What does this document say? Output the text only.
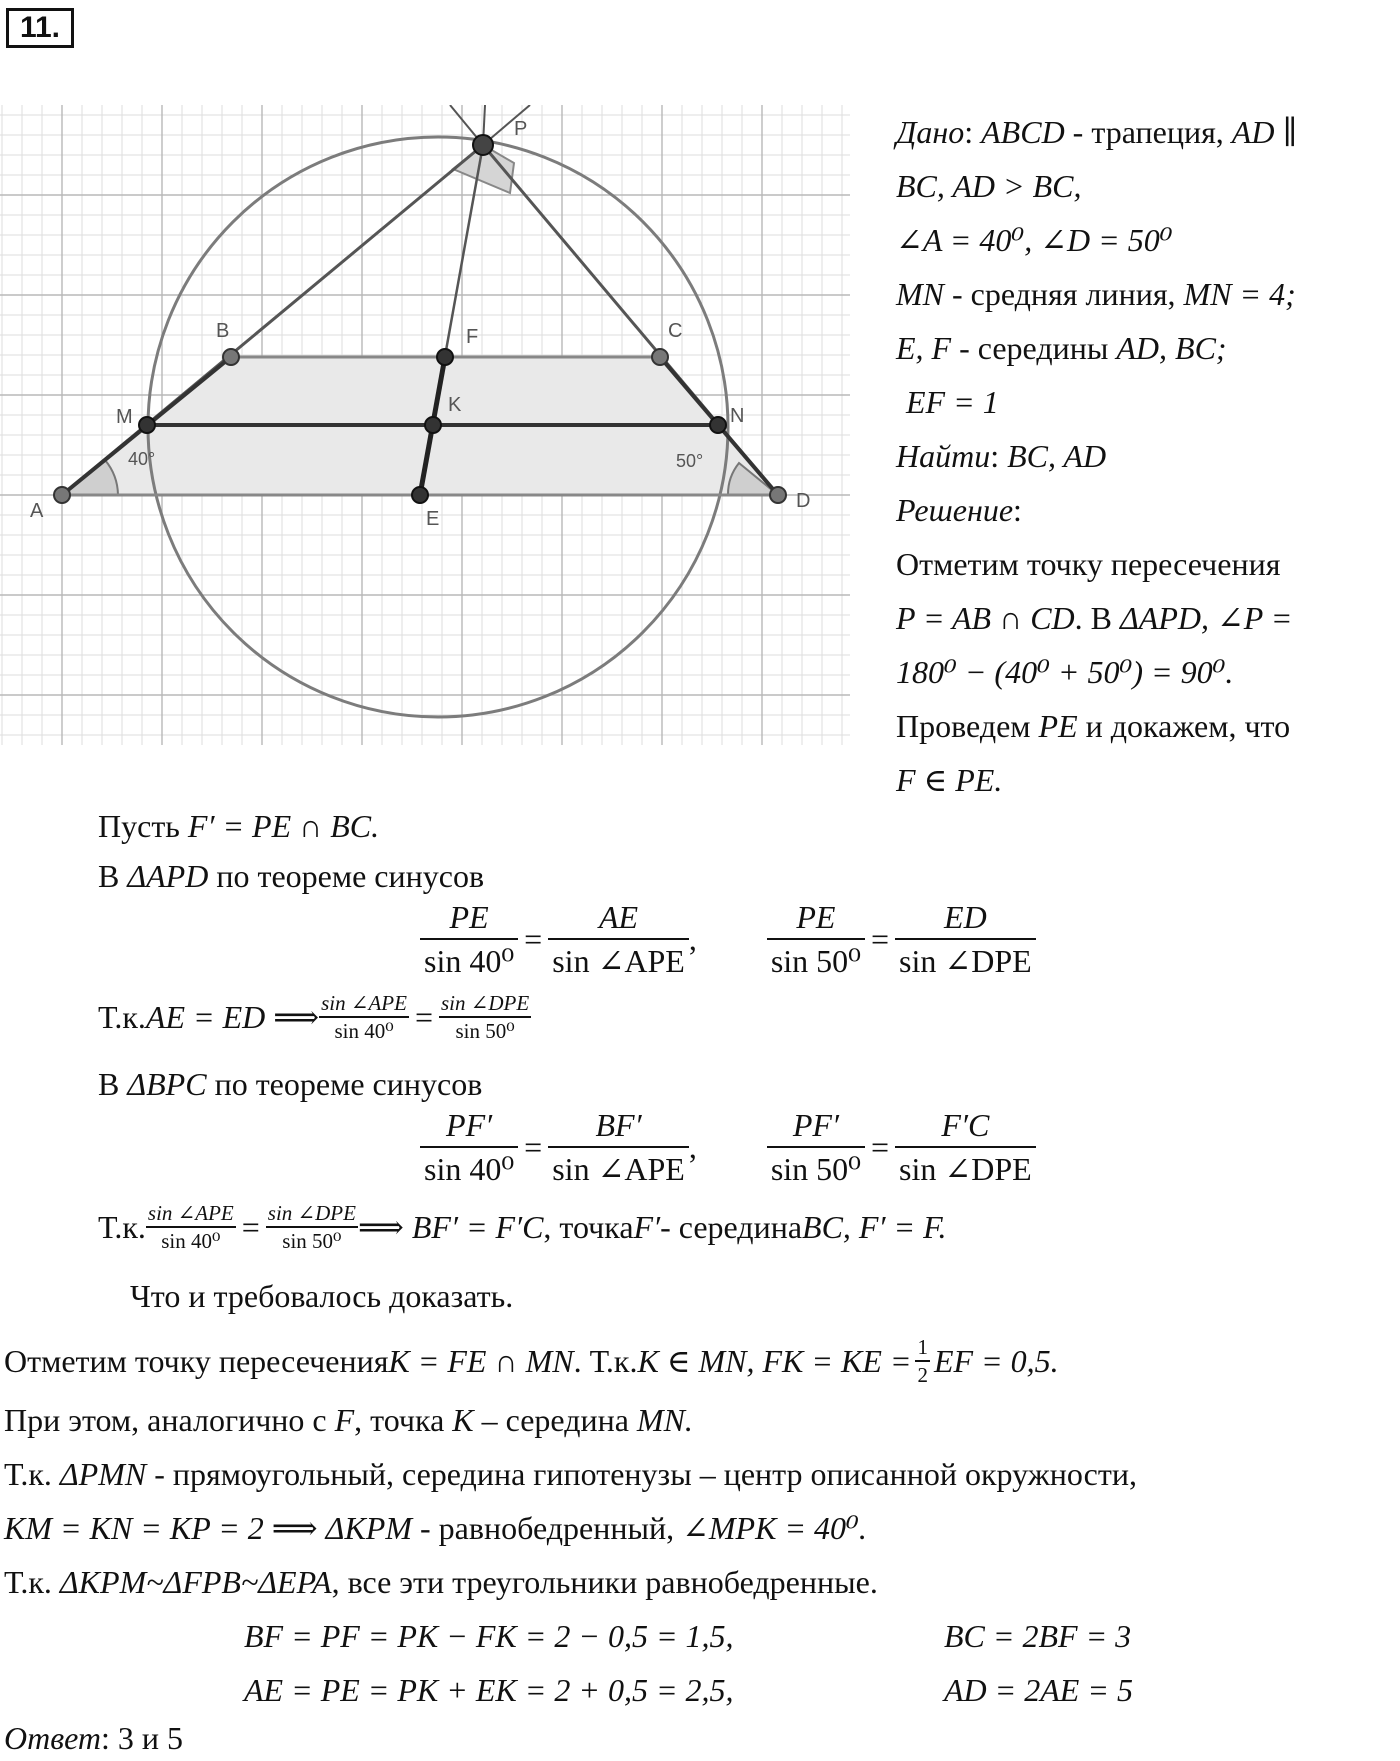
11.
A	D
B	C
M	N
F
K
E
P
40°	50°
Дано: ABCD - трапеция, AD ∥
BC, AD > BC,
∠A = 40⁰, ∠D = 50⁰
MN - средняя линия, MN = 4;
E, F - середины AD, BC;
EF = 1
Найти: BC, AD
Решение:
Отметим точку пересечения
P = AB ∩ CD. В ΔAPD, ∠P =
180⁰ − (40⁰ + 50⁰) = 90⁰.
Проведем PE и докажем, что
F ∈ PE.
Пусть F′ = PE ∩ BC.
В ΔAPD по теореме синусов
$\frac{PE}{\text{sin 40⁰}} = \frac{AE}{\text{sin ∠APE}}$ , $\frac{PE}{\text{sin 50⁰}} = \frac{ED}{\text{sin ∠DPE}}$
Т.к. AE = ED ⟹ sin ∠APE
sin 40⁰ = sin ∠DPE
sin 50⁰
В ΔBPC по теореме синусов
$\frac{PF'}{\text{sin 40⁰}} = \frac{BF'}{\text{sin ∠APE}}$ , $\frac{PF'}{\text{sin 50⁰}} = \frac{F'C}{\text{sin ∠DPE}}$
Т.к. sin ∠APE
sin 40⁰ = sin ∠DPE
sin 50⁰ ⟹ BF′ = F′C , точка F′ - середина BC, F′ = F.
Что и требовалось доказать.
Отметим точку пересечения K = FE ∩ MN . Т.к. K ∈ MN, FK = KE = $\frac{1}{2}$ EF = 0,5.
При этом, аналогично с F, точка K – середина MN.
Т.к. ΔPMN - прямоугольный, середина гипотенузы – центр описанной окружности,
KM = KN = KP = 2 ⟹ ΔKPM - равнобедренный, ∠MPK = 40⁰.
Т.к. ΔKPM~ΔFPB~ΔEPA, все эти треугольники равнобедренные.
BF = PF = PK − FK = 2 − 0,5 = 1,5,	BC = 2BF = 3
AE = PE = PK + EK = 2 + 0,5 = 2,5,	AD = 2AE = 5
Ответ: 3 и 5
